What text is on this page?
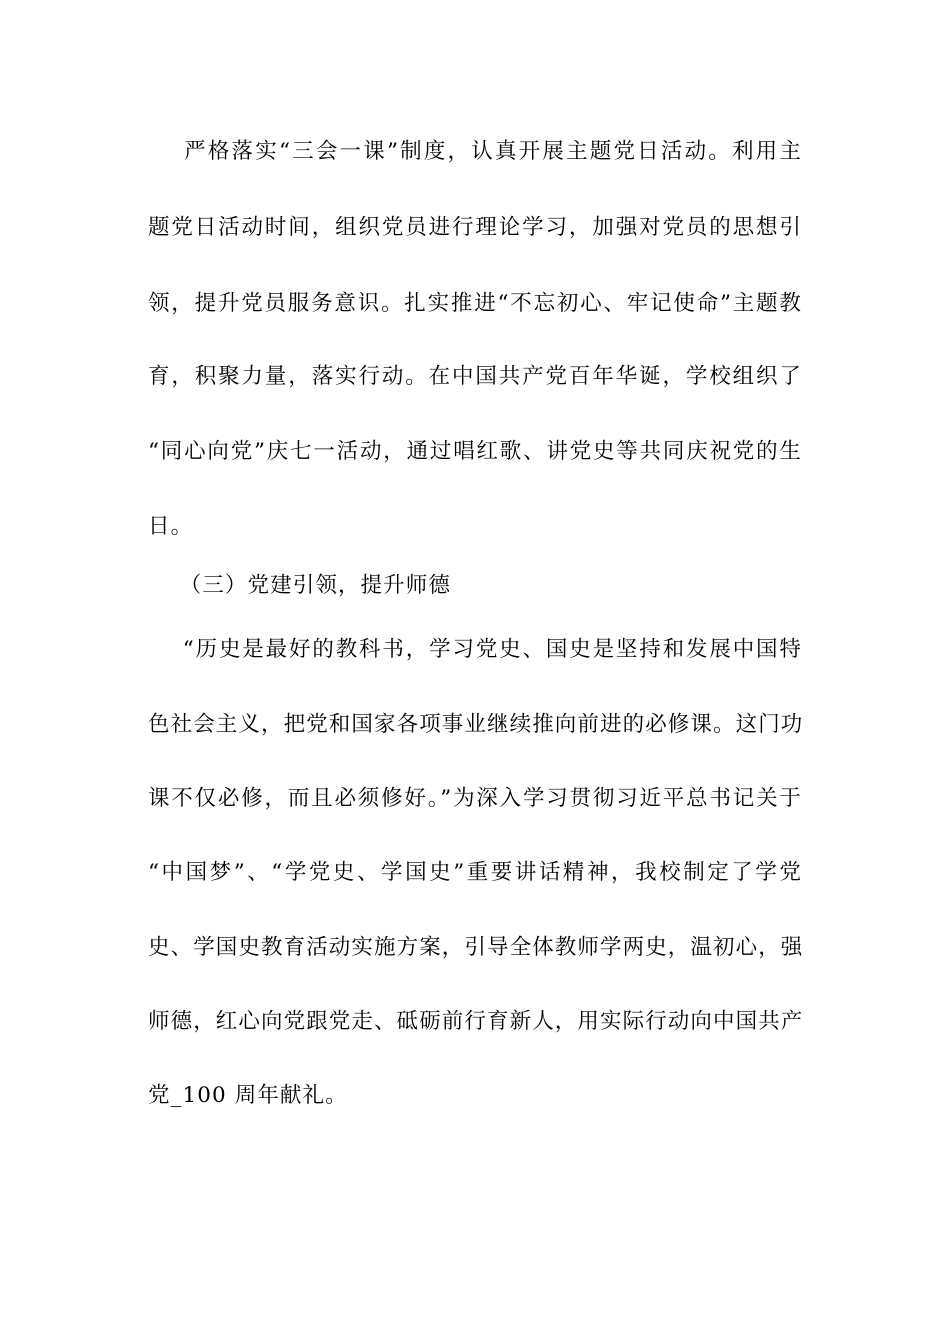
严格落实“三会一课”制度，认真开展主题党日活动。利用主
题党日活动时间，组织党员进行理论学习，加强对党员的思想引
领，提升党员服务意识。扎实推进“不忘初心、牢记使命”主题教
育，积聚力量，落实行动。在中国共产党百年华诞，学校组织了
“同心向党”庆七一活动，通过唱红歌、讲党史等共同庆祝党的生
日。
（三）党建引领，提升师德
“历史是最好的教科书，学习党史、国史是坚持和发展中国特
色社会主义，把党和国家各项事业继续推向前进的必修课。这门功
课不仅必修，而且必须修好。”为深入学习贯彻习近平总书记关于
“中国梦”、“学党史、学国史”重要讲话精神，我校制定了学党
史、学国史教育活动实施方案，引导全体教师学两史，温初心，强
师德，红心向党跟党走、砥砺前行育新人，用实际行动向中国共产
党_100 周年献礼。
